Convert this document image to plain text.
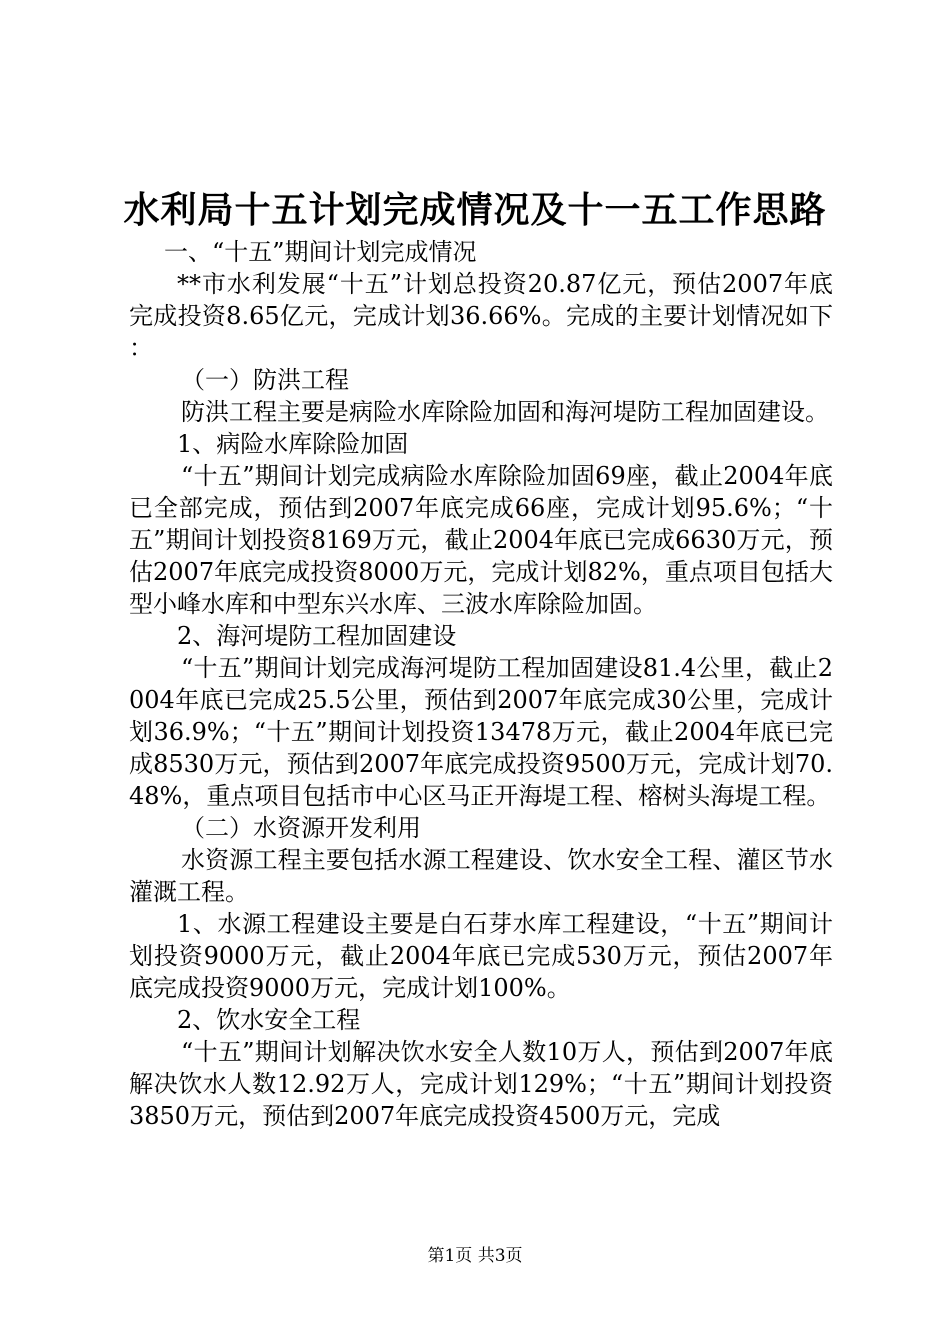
水利局十五计划完成情况及十一五工作思路

一、“十五”期间计划完成情况

**市水利发展“十五”计划总投资20.87亿元，预估2007年底完成投资8.65亿元，完成计划36.66%。完成的主要计划情况如下：

（一）防洪工程

防洪工程主要是病险水库除险加固和海河堤防工程加固建设。

1、病险水库除险加固

“十五”期间计划完成病险水库除险加固69座，截止2004年底已全部完成，预估到2007年底完成66座，完成计划95.6%；“十五”期间计划投资8169万元，截止2004年底已完成6630万元，预估2007年底完成投资8000万元，完成计划82%，重点项目包括大型小峰水库和中型东兴水库、三波水库除险加固。

2、海河堤防工程加固建设

“十五”期间计划完成海河堤防工程加固建设81.4公里，截止2004年底已完成25.5公里，预估到2007年底完成30公里，完成计划36.9%；“十五”期间计划投资13478万元，截止2004年底已完成8530万元，预估到2007年底完成投资9500万元，完成计划70.48%，重点项目包括市中心区马正开海堤工程、榕树头海堤工程。

（二）水资源开发利用

水资源工程主要包括水源工程建设、饮水安全工程、灌区节水灌溉工程。

1、水源工程建设主要是白石芽水库工程建设，“十五”期间计划投资9000万元，截止2004年底已完成530万元，预估2007年底完成投资9000万元，完成计划100%。

2、饮水安全工程

“十五”期间计划解决饮水安全人数10万人，预估到2007年底解决饮水人数12.92万人，完成计划129%；“十五”期间计划投资3850万元，预估到2007年底完成投资4500万元，完成

第1页 共3页
